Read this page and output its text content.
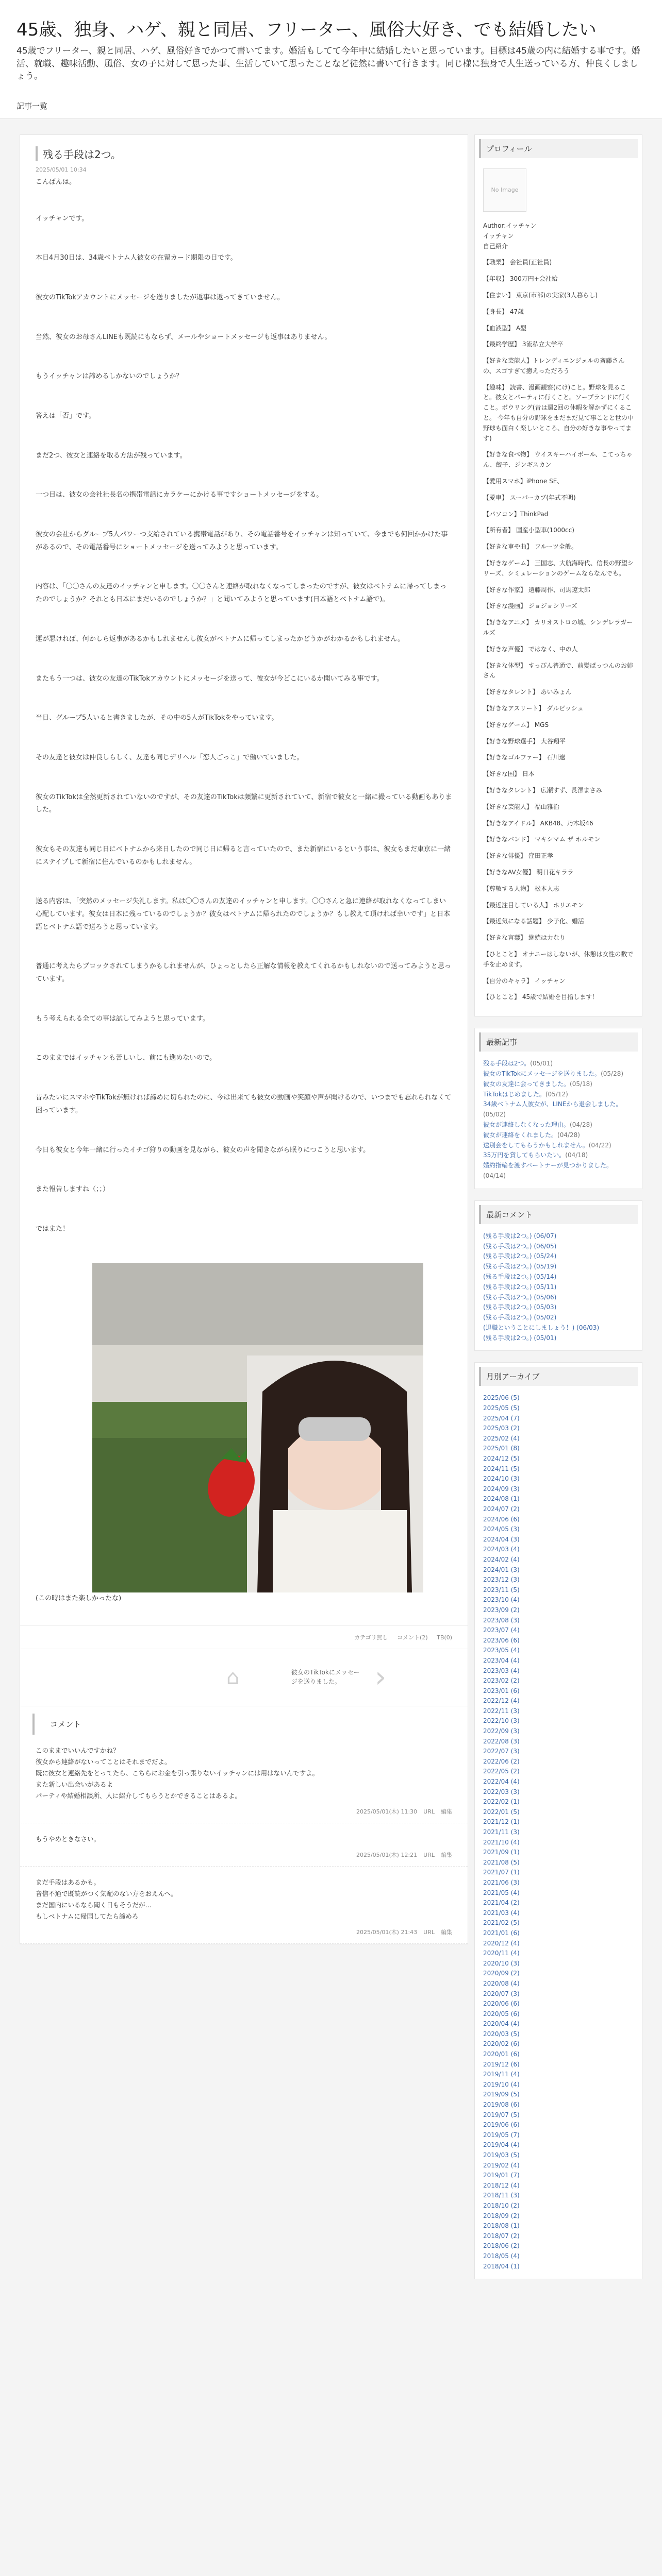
45歳、独身、ハゲ、親と同居、フリーター、風俗大好き、でも結婚したい

45歳でフリーター、親と同居、ハゲ、風俗好きでかつて書いてます。婚活もしてて今年中に結婚したいと思っています。目標は45歳の内に結婚する事です。婚活、就職、趣味活動、風俗、女の子に対して思った事、生活していて思ったことなど徒然に書いて行きます。同じ様に独身で人生送っている方、仲良くしましょう。

記事一覧
残る手段は2つ。
2025/05/01 10:34

こんばんは。

イッチャンです。

本日4月30日は、34歳ベトナム人彼女の在留カード期限の日です。

彼女のTikTokアカウントにメッセージを送りましたが返事は返ってきていません。

当然、彼女のお母さんLINEも既読にもならず、メールやショートメッセージも返事はありません。

もうイッチャンは諦めるしかないのでしょうか？

答えは「否」です。

まだ2つ、彼女と連絡を取る方法が残っています。

一つ目は、彼女の会社社長名の携帯電話にカラケーにかける事ですショートメッセージをする。

彼女の会社からグループ5人パワーつ支給されている携帯電話があり、その電話番号をイッチャンは知っていて、今までも何回かかけた事があるので、その電話番号にショートメッセージを送ってみようと思っています。

内容は、「〇〇さんの友達のイッチャンと申します。〇〇さんと連絡が取れなくなってしまったのですが、彼女はベトナムに帰ってしまったのでしょうか？それとも日本にまだいるのでしょうか？」と聞いてみようと思っています(日本語とベトナム語で)。

運が悪ければ、何かしら返事があるかもしれませんし彼女がベトナムに帰ってしまったかどうかがわかるかもしれません。

またもう一つは、彼女の友達のTikTokアカウントにメッセージを送って、彼女が今どこにいるか聞いてみる事です。

当日、グループ5人いると書きましたが、その中の5人がTikTokをやっています。

その友達と彼女は仲良しらしく、友達も同じデリヘル「恋人ごっこ」で働いていました。

彼女のTikTokは全然更新されていないのですが、その友達のTikTokは頻繁に更新されていて、新宿で彼女と一緒に撮っている動画もありました。

彼女もその友達も同じ日にベトナムから来日したので同じ日に帰ると言っていたので、また新宿にいるという事は、彼女もまだ東京に一緒にステイプして新宿に住んでいるのかもしれません。

送る内容は、「突然のメッセージ失礼します。私は〇〇さんの友達のイッチャンと申します。〇〇さんと急に連絡が取れなくなってしまい心配しています。彼女は日本に残っているのでしょうか？彼女はベトナムに帰られたのでしょうか？もし教えて頂ければ幸いです」と日本語とベトナム語で送ろうと思っています。

普通に考えたらブロックされてしまうかもしれませんが、ひょっとしたら正解な情報を教えてくれるかもしれないので送ってみようと思っています。

もう考えられる全ての事は試してみようと思っています。

このままではイッチャンも苦しいし、前にも進めないので。

昔みたいにスマホやTikTokが無ければ諦めに切られたのに、今は出来ても彼女の動画や笑顔や声が聞けるので、いつまでも忘れられなくて困っています。

今日も彼女と今年一緒に行ったイチゴ狩りの動画を見ながら、彼女の声を聞きながら眠りにつこうと思います。

また報告しますね（；；）

ではまた！

(この時はまた楽しかったな)

カテゴリ無し コメント(2) TB(0)
⌂	彼女のTikTokにメッセージを送りました。	›
コメント
このままでいいんですかね？
彼女から連絡がないってことはそれまでだよ。
既に彼女と連絡先をとってたら、こちらにお金を引っ張りないイッチャンには用はないんですよ。
また新しい出会いがあるよ
パーティや結婚相談所、人に紹介してもらうとかできることはあるよ。
2025/05/01(木) 11:30 URL 編集
もうやめときなさい。
2025/05/01(木) 12:21 URL 編集
まだ手段はあるかも。
音信不通で既読がつく気配のない方をおえんへ。
まだ国内にいるなら聞く日もそうだが…
もしベトナムに帰国してたら諦めろ
2025/05/01(木) 21:43 URL 編集
プロフィール
No Image
Author:イッチャン
イッチャン
自己紹介
【職業】 会社員(正社員)
【年収】 300万円+会社給
【住まい】 東京(市部)の実家(3人暮らし)
【身長】 47歳
【血液型】 A型
【最終学歴】 3流私立大学卒
【好きな芸能人】トレンディエンジェルの斎藤さんの、スゴすぎて癒えっただろう
【趣味】 読書、漫画観察(にけ)こと。野球を見ること。彼女とパーティに行くこと。ソープランドに行くこと。ボウリング(昔は週2回の休暇を解かずにくること。 今年も自分の野球をまだまだ見て事ことと世の中野球も面白く楽しいところ、自分の好きな事やってます)
【好きな食べ物】 ウイスキーハイボール、こてっちゃん、餃子、ジンギスカン
【愛用スマホ】iPhone SE、
【愛車】 スーパーカブ(年式不明)
【パソコン】ThinkPad
【所有者】 国産小型車(1000cc)
【好きな車や曲】 フルーツ全般。
【好きなゲーム】 三国志、大航海時代、信長の野望シリーズ、シミュレーションのゲームならなんでも。
【好きな作家】 遠藤周作、司馬遼太郎
【好きな漫画】 ジョジョシリーズ
【好きなアニメ】 カリオストロの城、シンデレラガールズ
【好きな声優】 ではなく、中の人
【好きな体型】 すっぴん普通で、前髪ぱっつんのお姉さん
【好きなタレント】 あいみょん
【好きなアスリート】 ダルビッシュ
【好きなゲーム】 MGS
【好きな野球選手】 大谷翔平
【好きなゴルファー】 石川遼
【好きな国】 日本
【好きなタレント】 広瀬すず、長澤まさみ
【好きな芸能人】 福山雅治
【好きなアイドル】 AKB48、乃木坂46
【好きなバンド】 マキシマム ザ ホルモン
【好きな俳優】 窪田正孝
【好きなAV女優】 明日花キララ
【尊敬する人物】 松本人志
【最近注目している人】 ホリエモン
【最近気になる話題】 少子化、婚活
【好きな言葉】 継続は力なり
【ひとこと】 オナニーはしないが、休憩は女性の数で手を止めます。
【自分のキャラ】 イッチャン
【ひとこと】 45歳で結婚を目指します！
最新記事
残る手段は2つ。(05/01)
彼女のTikTokにメッセージを送りました。(05/28)
彼女の友達に会ってきました。(05/18)
TikTokはじめました。(05/12)
34歳ベトナム人彼女が、LINEから退会しました。(05/02)
彼女が連絡しなくなった理由。(04/28)
彼女が連絡をくれました。(04/28)
送別会をしてもらうかもしれません。(04/22)
35万円を貸してもらいたい。(04/18)
婚約指輪を渡すパートナーが見つかりました。(04/14)
最新コメント
(残る手段は2つ。) (06/07)
(残る手段は2つ。) (06/05)
(残る手段は2つ。) (05/24)
(残る手段は2つ。) (05/19)
(残る手段は2つ。) (05/14)
(残る手段は2つ。) (05/11)
(残る手段は2つ。) (05/06)
(残る手段は2つ。) (05/03)
(残る手段は2つ。) (05/02)
(退職ということにしましょう！) (06/03)
(残る手段は2つ。) (05/01)
月別アーカイブ
2025/06 (5)
2025/05 (5)
2025/04 (7)
2025/03 (2)
2025/02 (4)
2025/01 (8)
2024/12 (5)
2024/11 (5)
2024/10 (3)
2024/09 (3)
2024/08 (1)
2024/07 (2)
2024/06 (6)
2024/05 (3)
2024/04 (3)
2024/03 (4)
2024/02 (4)
2024/01 (3)
2023/12 (3)
2023/11 (5)
2023/10 (4)
2023/09 (2)
2023/08 (3)
2023/07 (4)
2023/06 (6)
2023/05 (4)
2023/04 (4)
2023/03 (4)
2023/02 (2)
2023/01 (6)
2022/12 (4)
2022/11 (3)
2022/10 (3)
2022/09 (3)
2022/08 (3)
2022/07 (3)
2022/06 (2)
2022/05 (2)
2022/04 (4)
2022/03 (3)
2022/02 (1)
2022/01 (5)
2021/12 (1)
2021/11 (3)
2021/10 (4)
2021/09 (1)
2021/08 (5)
2021/07 (1)
2021/06 (3)
2021/05 (4)
2021/04 (2)
2021/03 (4)
2021/02 (5)
2021/01 (6)
2020/12 (4)
2020/11 (4)
2020/10 (3)
2020/09 (2)
2020/08 (4)
2020/07 (3)
2020/06 (6)
2020/05 (6)
2020/04 (4)
2020/03 (5)
2020/02 (6)
2020/01 (6)
2019/12 (6)
2019/11 (4)
2019/10 (4)
2019/09 (5)
2019/08 (6)
2019/07 (5)
2019/06 (6)
2019/05 (7)
2019/04 (4)
2019/03 (5)
2019/02 (4)
2019/01 (7)
2018/12 (4)
2018/11 (3)
2018/10 (2)
2018/09 (2)
2018/08 (1)
2018/07 (2)
2018/06 (2)
2018/05 (4)
2018/04 (1)
